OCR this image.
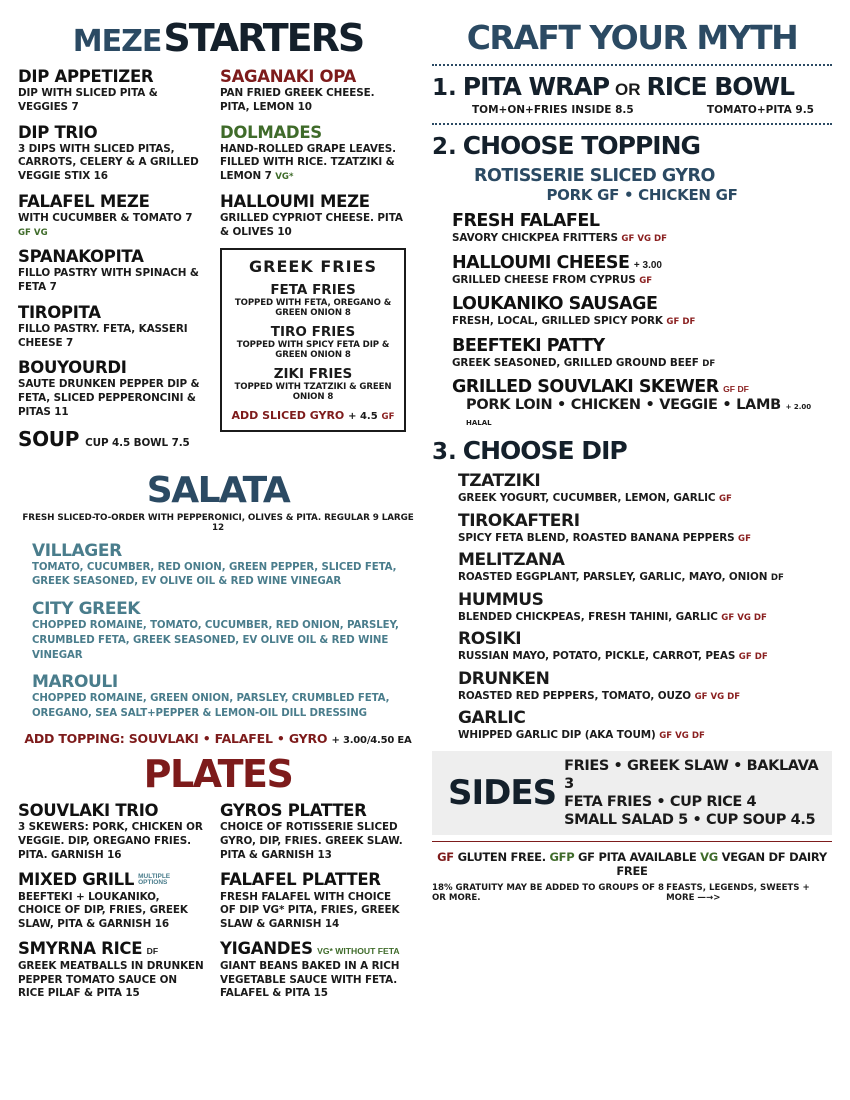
MEZE STARTERS
DIP APPETIZER
DIP WITH SLICED PITA & VEGGIES 7
DIP TRIO
3 DIPS WITH SLICED PITAS, CARROTS, CELERY & A GRILLED VEGGIE STIX 16
FALAFEL MEZE
WITH CUCUMBER & TOMATO 7 GF VG
SPANAKOPITA
FILLO PASTRY WITH SPINACH & FETA 7
TIROPITA
FILLO PASTRY. FETA, KASSERI CHEESE 7
BOUYOURDI
SAUTE DRUNKEN PEPPER DIP & FETA, SLICED PEPPERONCINI & PITAS 11
SOUP CUP 4.5 BOWL 7.5
SAGANAKI OPA
PAN FRIED GREEK CHEESE. PITA, LEMON 10
DOLMADES
HAND-ROLLED GRAPE LEAVES. FILLED WITH RICE. TZATZIKI & LEMON 7 VG*
HALLOUMI MEZE
GRILLED CYPRIOT CHEESE. PITA & OLIVES 10
GREEK FRIES
FETA FRIES
TOPPED WITH FETA, OREGANO & GREEN ONION 8
TIRO FRIES
TOPPED WITH SPICY FETA DIP & GREEN ONION 8
ZIKI FRIES
TOPPED WITH TZATZIKI & GREEN ONION 8
ADD SLICED GYRO + 4.5 GF
SALATA
FRESH SLICED-TO-ORDER WITH PEPPERONICI, OLIVES & PITA. REGULAR 9 LARGE 12
VILLAGER
TOMATO, CUCUMBER, RED ONION, GREEN PEPPER, SLICED FETA, GREEK SEASONED, EV OLIVE OIL & RED WINE VINEGAR
CITY GREEK
CHOPPED ROMAINE, TOMATO, CUCUMBER, RED ONION, PARSLEY, CRUMBLED FETA, GREEK SEASONED, EV OLIVE OIL & RED WINE VINEGAR
MAROULI
CHOPPED ROMAINE, GREEN ONION, PARSLEY, CRUMBLED FETA, OREGANO, SEA SALT+PEPPER & LEMON-OIL DILL DRESSING
ADD TOPPING: SOUVLAKI • FALAFEL • GYRO + 3.00/4.50 EA
PLATES
SOUVLAKI TRIO
3 SKEWERS: PORK, CHICKEN OR VEGGIE. DIP, OREGANO FRIES. PITA. GARNISH 16
MIXED GRILL MULTIPLE OPTIONS
BEEFTEKI + LOUKANIKO, CHOICE OF DIP, FRIES, GREEK SLAW, PITA & GARNISH 16
SMYRNA RICE DF
GREEK MEATBALLS IN DRUNKEN PEPPER TOMATO SAUCE ON RICE PILAF & PITA 15
GYROS PLATTER
CHOICE OF ROTISSERIE SLICED GYRO, DIP, FRIES. GREEK SLAW. PITA & GARNISH 13
FALAFEL PLATTER
FRESH FALAFEL WITH CHOICE OF DIP VG* PITA, FRIES, GREEK SLAW & GARNISH 14
YIGANDES VG* WITHOUT FETA
GIANT BEANS BAKED IN A RICH VEGETABLE SAUCE WITH FETA. FALAFEL & PITA 15
CRAFT YOUR MYTH
1. PITA WRAP OR RICE BOWL
TOM+ON+FRIES INSIDE 8.5	TOMATO+PITA 9.5
2. CHOOSE TOPPING
ROTISSERIE SLICED GYRO
PORK GF • CHICKEN GF
FRESH FALAFEL
SAVORY CHICKPEA FRITTERS GF VG DF
HALLOUMI CHEESE + 3.00
GRILLED CHEESE FROM CYPRUS GF
LOUKANIKO SAUSAGE
FRESH, LOCAL, GRILLED SPICY PORK GF DF
BEEFTEKI PATTY
GREEK SEASONED, GRILLED GROUND BEEF DF
GRILLED SOUVLAKI SKEWER GF DF
PORK LOIN • CHICKEN • VEGGIE • LAMB + 2.00 HALAL
3. CHOOSE DIP
TZATZIKI
GREEK YOGURT, CUCUMBER, LEMON, GARLIC GF
TIROKAFTERI
SPICY FETA BLEND, ROASTED BANANA PEPPERS GF
MELITZANA
ROASTED EGGPLANT, PARSLEY, GARLIC, MAYO, ONION DF
HUMMUS
BLENDED CHICKPEAS, FRESH TAHINI, GARLIC GF VG DF
ROSIKI
RUSSIAN MAYO, POTATO, PICKLE, CARROT, PEAS GF DF
DRUNKEN
ROASTED RED PEPPERS, TOMATO, OUZO GF VG DF
GARLIC
WHIPPED GARLIC DIP (AKA TOUM) GF VG DF
SIDES
FRIES • GREEK SLAW • BAKLAVA 3
FETA FRIES • CUP RICE 4
SMALL SALAD 5 • CUP SOUP 4.5
GF GLUTEN FREE. GFP GF PITA AVAILABLE VG VEGAN DF DAIRY FREE
18% GRATUITY MAY BE ADDED TO GROUPS OF 8 OR MORE.
FEASTS, LEGENDS, SWEETS + MORE —→>
